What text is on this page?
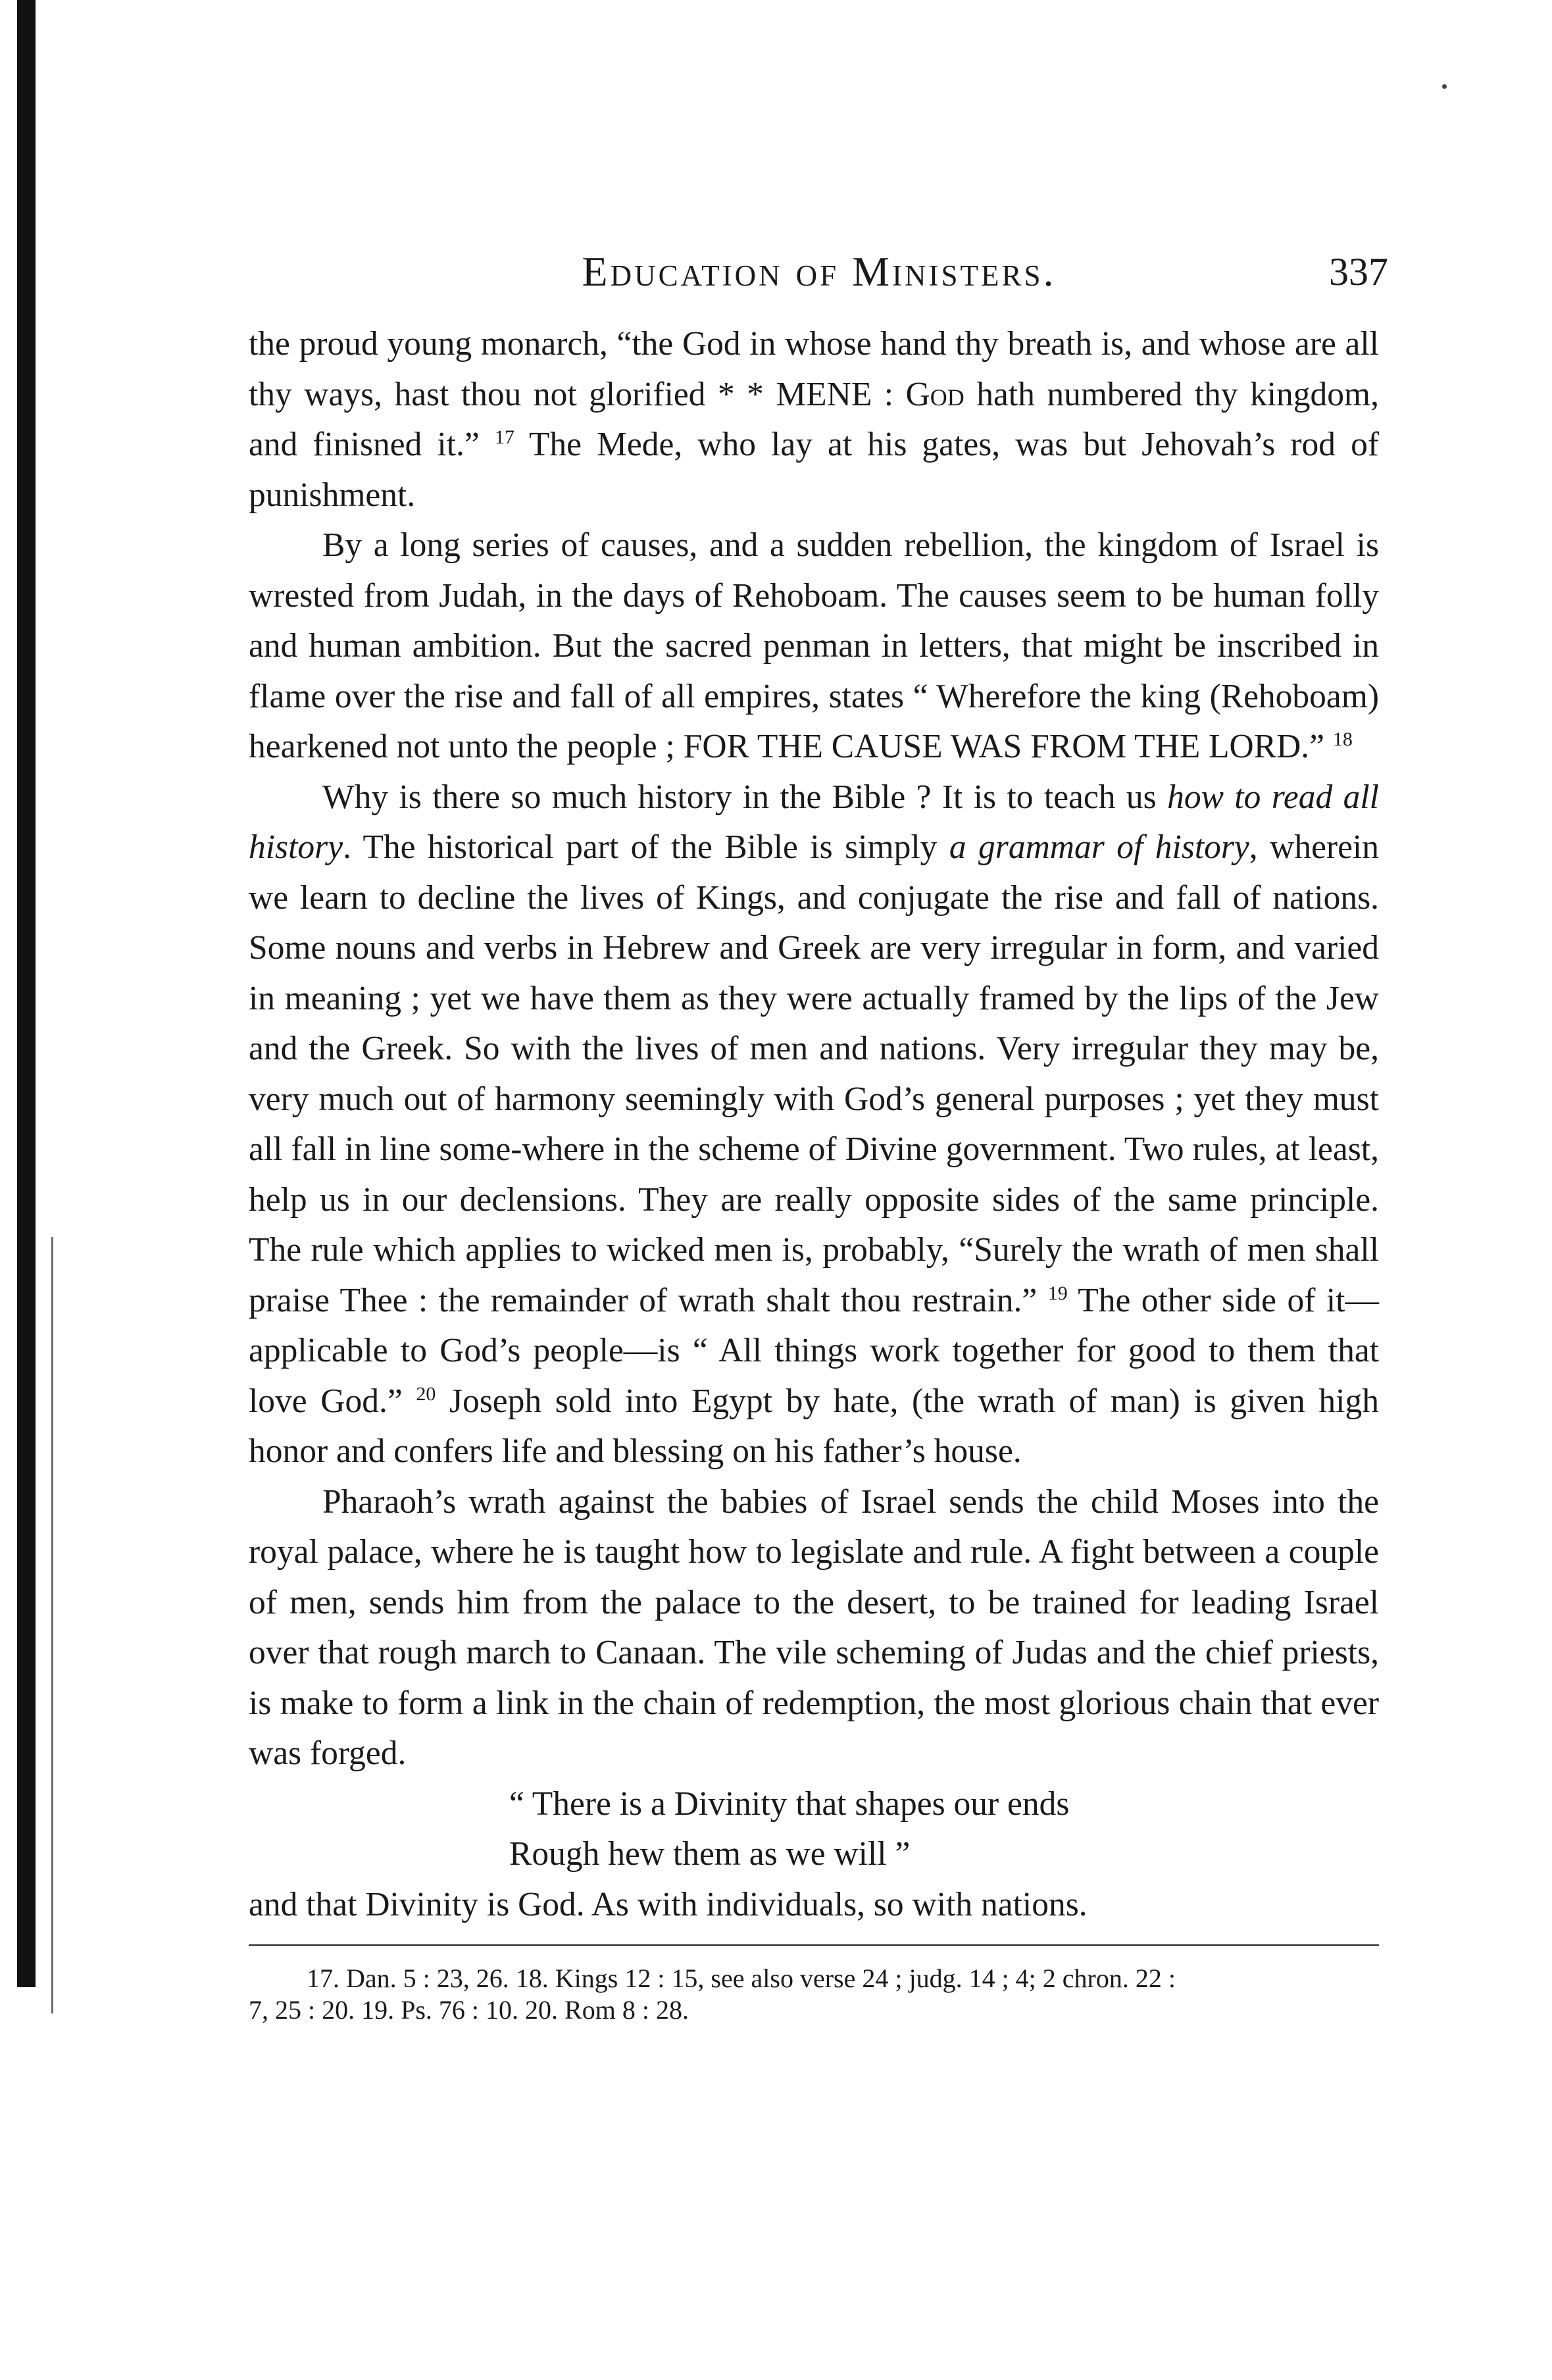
Education of Ministers.	337

the proud young monarch, “the God in whose hand thy breath is, and whose are all thy ways, hast thou not glorified * * MENE : God hath numbered thy kingdom, and finisned it.” $^{17}$ The Mede, who lay at his gates, was but Jehovah’s rod of punishment.

By a long series of causes, and a sudden rebellion, the kingdom of Israel is wrested from Judah, in the days of Rehoboam. The causes seem to be human folly and human ambition. But the sacred penman in letters, that might be inscribed in flame over the rise and fall of all empires, states “ Wherefore the king (Rehoboam) hearkened not unto the people ; FOR THE CAUSE WAS FROM THE LORD.” $^{18}$

Why is there so much history in the Bible ? It is to teach us how to read all history. The historical part of the Bible is simply a grammar of history, wherein we learn to decline the lives of Kings, and conjugate the rise and fall of nations. Some nouns and verbs in Hebrew and Greek are very irregular in form, and varied in meaning ; yet we have them as they were actually framed by the lips of the Jew and the Greek. So with the lives of men and nations. Very irregular they may be, very much out of harmony seemingly with God’s general purposes ; yet they must all fall in line some-where in the scheme of Divine government. Two rules, at least, help us in our declensions. They are really opposite sides of the same principle. The rule which applies to wicked men is, probably, “Surely the wrath of men shall praise Thee : the remainder of wrath shalt thou restrain.” $^{19}$ The other side of it—applicable to God’s people—is “ All things work together for good to them that love God.” $^{20}$ Joseph sold into Egypt by hate, (the wrath of man) is given high honor and confers life and blessing on his father’s house.

Pharaoh’s wrath against the babies of Israel sends the child Moses into the royal palace, where he is taught how to legislate and rule. A fight between a couple of men, sends him from the palace to the desert, to be trained for leading Israel over that rough march to Canaan. The vile scheming of Judas and the chief priests, is make to form a link in the chain of redemption, the most glorious chain that ever was forged.

“ There is a Divinity that shapes our ends
Rough hew them as we will ”

and that Divinity is God. As with individuals, so with nations.

17. Dan. 5 : 23, 26. 18. Kings 12 : 15, see also verse 24 ; judg. 14 ; 4; 2 chron. 22 :

7, 25 : 20. 19. Ps. 76 : 10. 20. Rom 8 : 28.
